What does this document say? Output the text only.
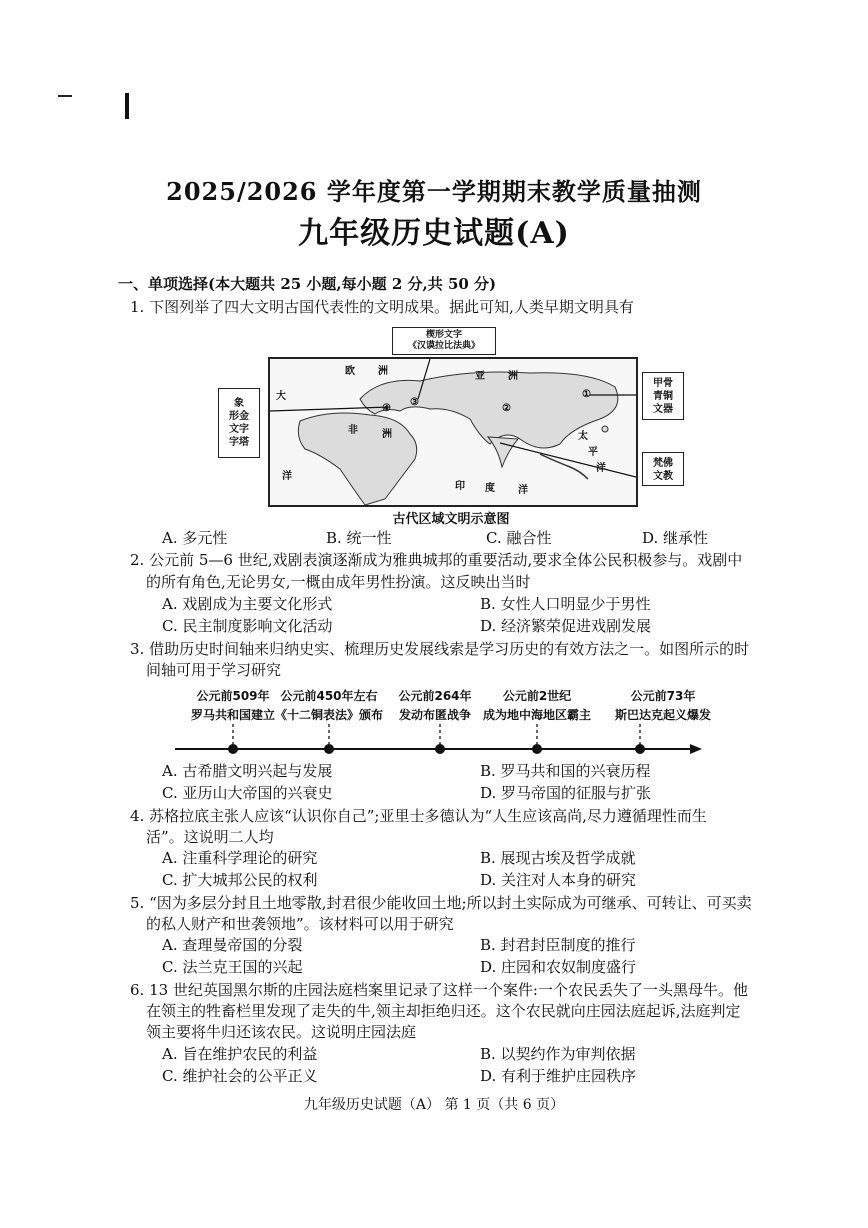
2025/2026 学年度第一学期期末教学质量抽测
九年级历史试题(A)
一、单项选择(本大题共 25 小题,每小题 2 分,共 50 分)
1. 下图列举了四大文明古国代表性的文明成果。据此可知,人类早期文明具有
楔形文字
《汉谟拉比法典》
象
形金
文字
字塔
甲骨
青铜
文器
梵佛
文教
欧 洲	亚 洲
大
非 洲	太
平
洋
印 度 洋
洋
①
②
③
④
古代区域文明示意图
A. 多元性	B. 统一性	C. 融合性	D. 继承性
2. 公元前 5—6 世纪,戏剧表演逐渐成为雅典城邦的重要活动,要求全体公民积极参与。戏剧中
的所有角色,无论男女,一概由成年男性扮演。这反映出当时
A. 戏剧成为主要文化形式	B. 女性人口明显少于男性
C. 民主制度影响文化活动	D. 经济繁荣促进戏剧发展
3. 借助历史时间轴来归纳史实、梳理历史发展线索是学习历史的有效方法之一。如图所示的时
间轴可用于学习研究
公元前509年
罗马共和国建立
公元前450年左右
《十二铜表法》颁布
公元前264年
发动布匿战争
公元前2世纪
成为地中海地区霸主
公元前73年
斯巴达克起义爆发
A. 古希腊文明兴起与发展	B. 罗马共和国的兴衰历程
C. 亚历山大帝国的兴衰史	D. 罗马帝国的征服与扩张
4. 苏格拉底主张人应该“认识你自己”;亚里士多德认为“人生应该高尚,尽力遵循理性而生
活”。这说明二人均
A. 注重科学理论的研究	B. 展现古埃及哲学成就
C. 扩大城邦公民的权利	D. 关注对人本身的研究
5. “因为多层分封且土地零散,封君很少能收回土地;所以封土实际成为可继承、可转让、可买卖
的私人财产和世袭领地”。该材料可以用于研究
A. 查理曼帝国的分裂	B. 封君封臣制度的推行
C. 法兰克王国的兴起	D. 庄园和农奴制度盛行
6. 13 世纪英国黑尔斯的庄园法庭档案里记录了这样一个案件:一个农民丢失了一头黑母牛。他
在领主的牲畜栏里发现了走失的牛,领主却拒绝归还。这个农民就向庄园法庭起诉,法庭判定
领主要将牛归还该农民。这说明庄园法庭
A. 旨在维护农民的利益	B. 以契约作为审判依据
C. 维护社会的公平正义	D. 有利于维护庄园秩序
九年级历史试题（A） 第 1 页（共 6 页）
